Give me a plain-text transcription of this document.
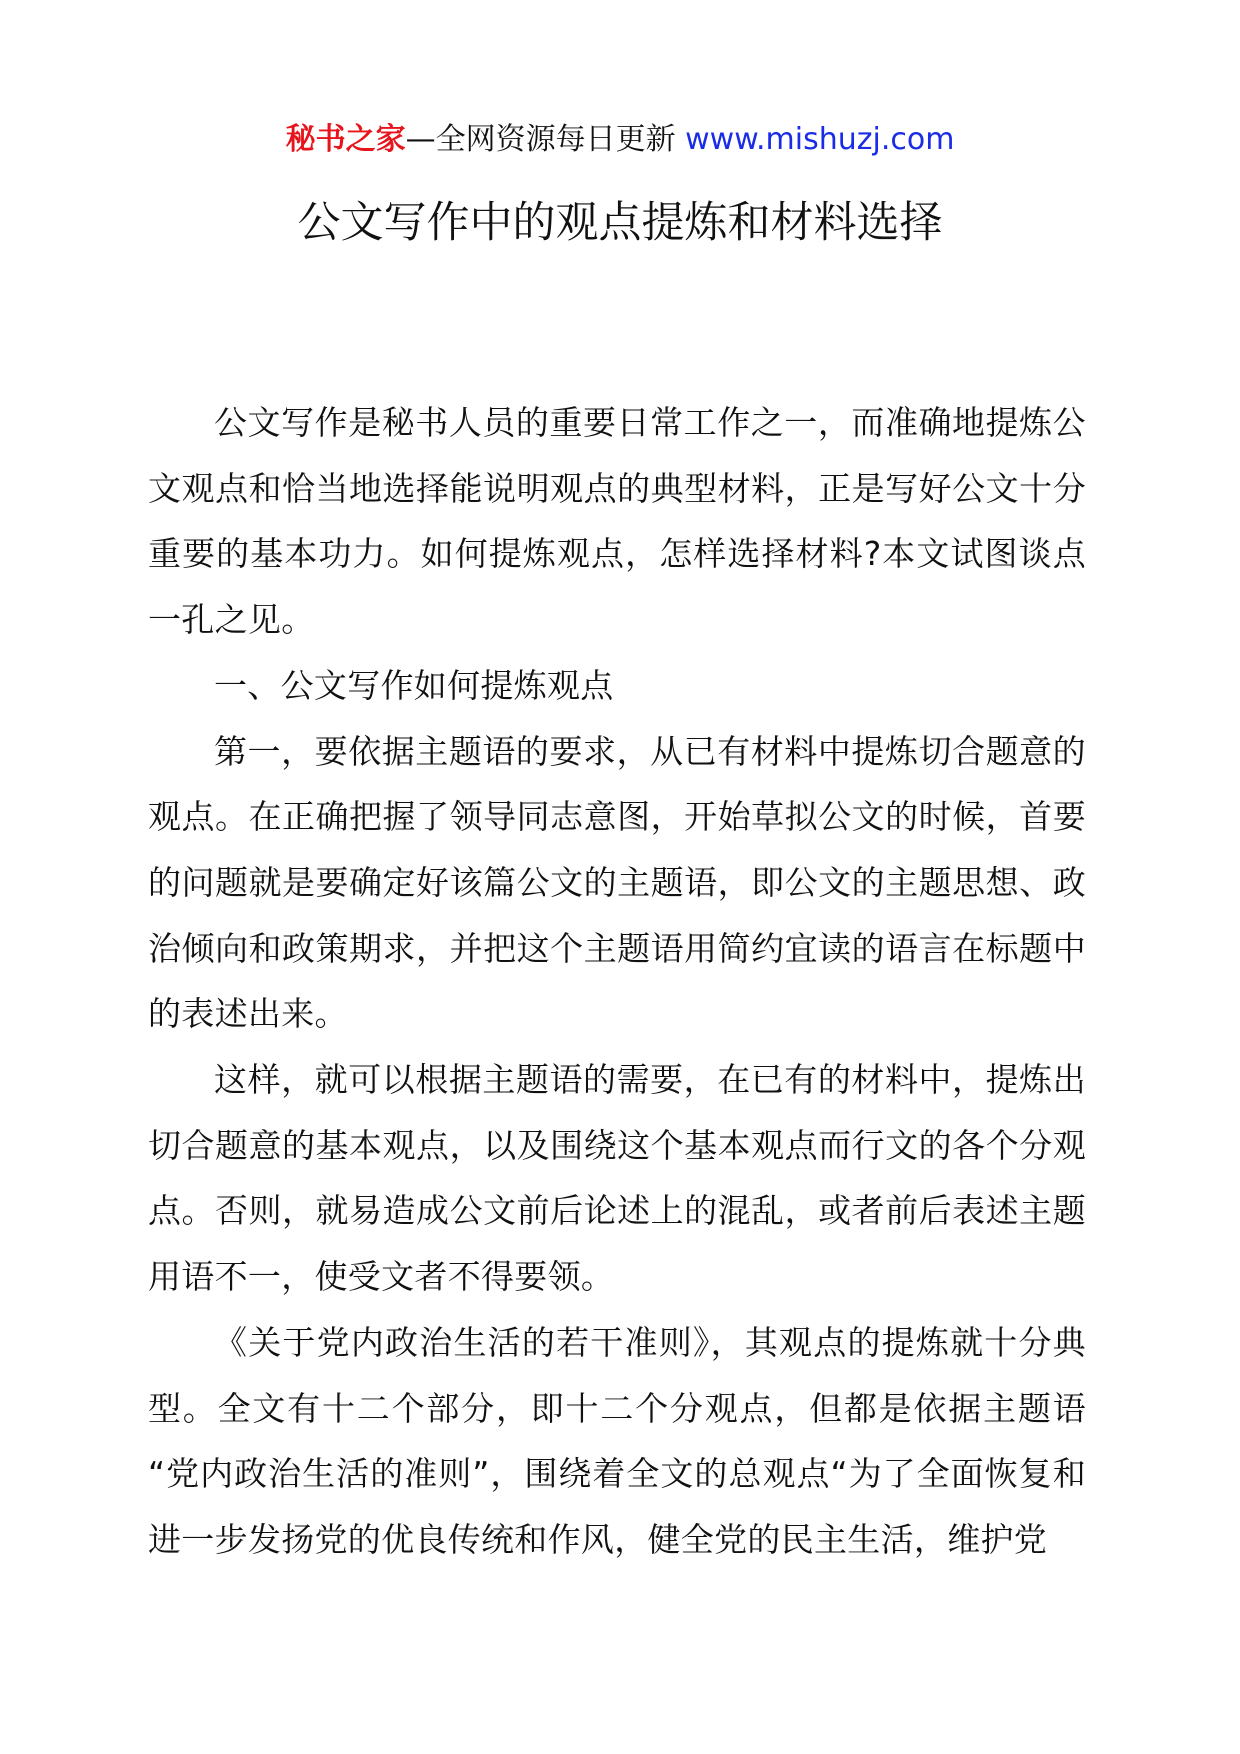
秘书之家—全网资源每日更新 www.mishuzj.com
公文写作中的观点提炼和材料选择

公文写作是秘书人员的重要日常工作之一，而准确地提炼公文观点和恰当地选择能说明观点的典型材料，正是写好公文十分重要的基本功力。如何提炼观点，怎样选择材料?本文试图谈点一孔之见。

一、公文写作如何提炼观点

第一，要依据主题语的要求，从已有材料中提炼切合题意的观点。在正确把握了领导同志意图，开始草拟公文的时候，首要的问题就是要确定好该篇公文的主题语，即公文的主题思想、政治倾向和政策期求，并把这个主题语用简约宜读的语言在标题中的表述出来。

这样，就可以根据主题语的需要，在已有的材料中，提炼出切合题意的基本观点，以及围绕这个基本观点而行文的各个分观点。否则，就易造成公文前后论述上的混乱，或者前后表述主题用语不一，使受文者不得要领。

《关于党内政治生活的若干准则》，其观点的提炼就十分典型。全文有十二个部分，即十二个分观点，但都是依据主题语 “党内政治生活的准则”，围绕着全文的总观点“为了全面恢复和进一步发扬党的优良传统和作风，健全党的民主生活，维护党
